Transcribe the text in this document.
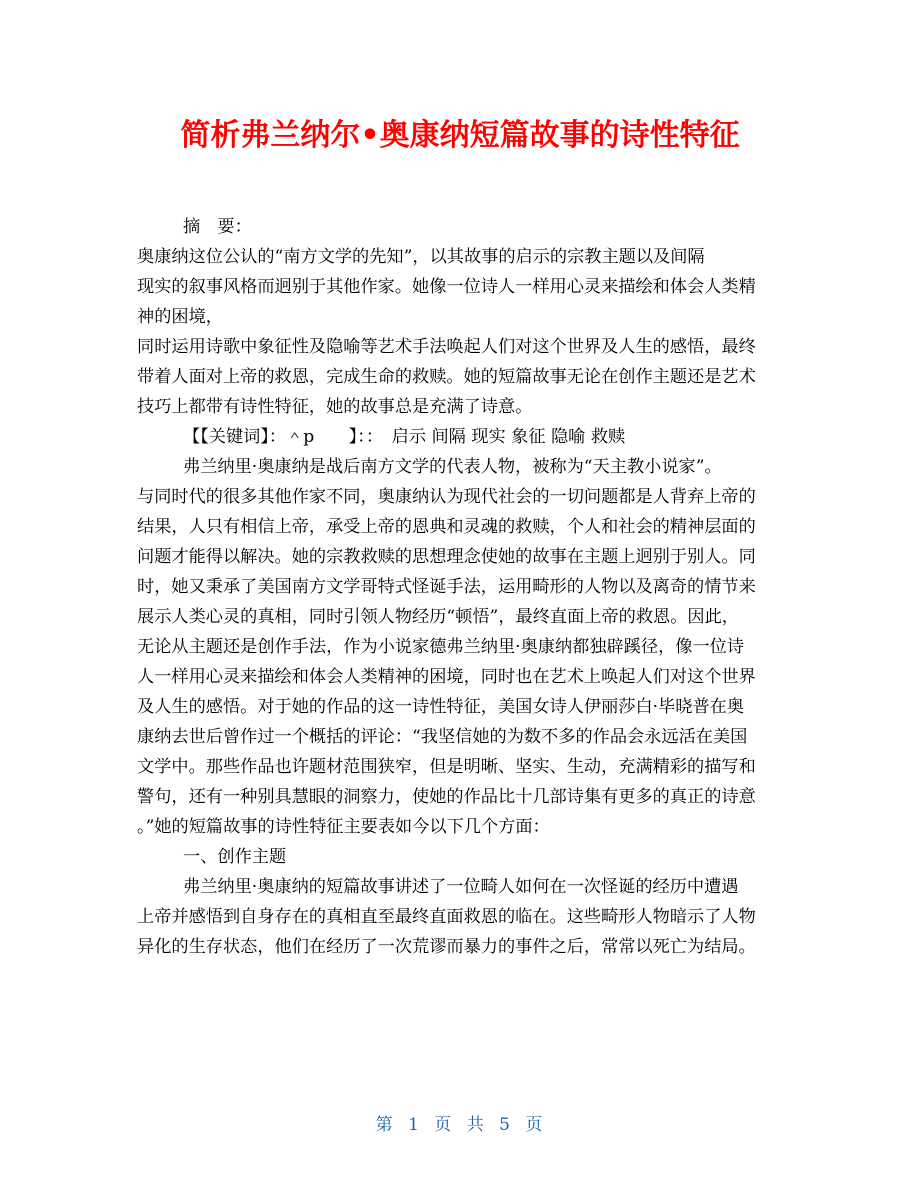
简析弗兰纳尔•奥康纳短篇故事的诗性特征
摘　要：
奥康纳这位公认的“南方文学的先知”，以其故事的启示的宗教主题以及间隔
现实的叙事风格而迥别于其他作家。她像一位诗人一样用心灵来描绘和体会人类精
神的困境，
同时运用诗歌中象征性及隐喻等艺术手法唤起人们对这个世界及人生的感悟，最终
带着人面对上帝的救恩，完成生命的救赎。她的短篇故事无论在创作主题还是艺术
技巧上都带有诗性特征，她的故事总是充满了诗意。
【【关键词】：＾p　　】：：　启示 间隔 现实 象征 隐喻 救赎
弗兰纳里·奥康纳是战后南方文学的代表人物，被称为“天主教小说家”。
与同时代的很多其他作家不同，奥康纳认为现代社会的一切问题都是人背弃上帝的
结果，人只有相信上帝，承受上帝的恩典和灵魂的救赎，个人和社会的精神层面的
问题才能得以解决。她的宗教救赎的思想理念使她的故事在主题上迥别于别人。同
时，她又秉承了美国南方文学哥特式怪诞手法，运用畸形的人物以及离奇的情节来
展示人类心灵的真相，同时引领人物经历“顿悟”，最终直面上帝的救恩。因此，
无论从主题还是创作手法，作为小说家德弗兰纳里·奥康纳都独辟蹊径，像一位诗
人一样用心灵来描绘和体会人类精神的困境，同时也在艺术上唤起人们对这个世界
及人生的感悟。对于她的作品的这一诗性特征，美国女诗人伊丽莎白·毕晓普在奥
康纳去世后曾作过一个概括的评论：“我坚信她的为数不多的作品会永远活在美国
文学中。那些作品也许题材范围狭窄，但是明晰、坚实、生动，充满精彩的描写和
警句，还有一种别具慧眼的洞察力，使她的作品比十几部诗集有更多的真正的诗意
。”她的短篇故事的诗性特征主要表如今以下几个方面：
一、创作主题
弗兰纳里·奥康纳的短篇故事讲述了一位畸人如何在一次怪诞的经历中遭遇
上帝并感悟到自身存在的真相直至最终直面救恩的临在。这些畸形人物暗示了人物
异化的生存状态，他们在经历了一次荒谬而暴力的事件之后，常常以死亡为结局。
第 1 页 共 5 页
